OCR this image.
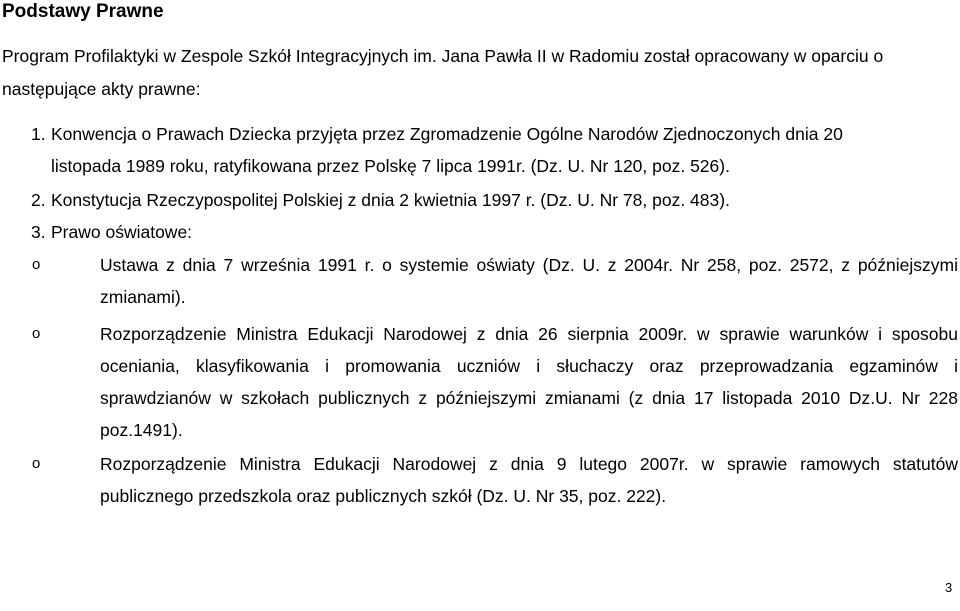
Podstawy Prawne
Program Profilaktyki w Zespole Szkół Integracyjnych im. Jana Pawła II w Radomiu został opracowany w oparciu o następujące akty prawne:
1. Konwencja o Prawach Dziecka przyjęta przez Zgromadzenie Ogólne Narodów Zjednoczonych dnia 20
listopada 1989 roku, ratyfikowana przez Polskę 7 lipca 1991r. (Dz. U. Nr 120, poz. 526).
2. Konstytucja Rzeczypospolitej Polskiej z dnia 2 kwietnia 1997 r. (Dz. U. Nr 78, poz. 483).
3. Prawo oświatowe:
o	Ustawa z dnia 7 września 1991 r. o systemie oświaty (Dz. U. z 2004r. Nr 258, poz. 2572, z późniejszymi zmianami).
o	Rozporządzenie Ministra Edukacji Narodowej z dnia 26 sierpnia 2009r. w sprawie warunków i sposobu oceniania, klasyfikowania i promowania uczniów i słuchaczy oraz przeprowadzania egzaminów i sprawdzianów w szkołach publicznych z późniejszymi zmianami (z dnia 17 listopada 2010 Dz.U. Nr 228 poz.1491).
o	Rozporządzenie Ministra Edukacji Narodowej z dnia 9 lutego 2007r. w sprawie ramowych statutów publicznego przedszkola oraz publicznych szkół (Dz. U. Nr 35, poz. 222).
3
